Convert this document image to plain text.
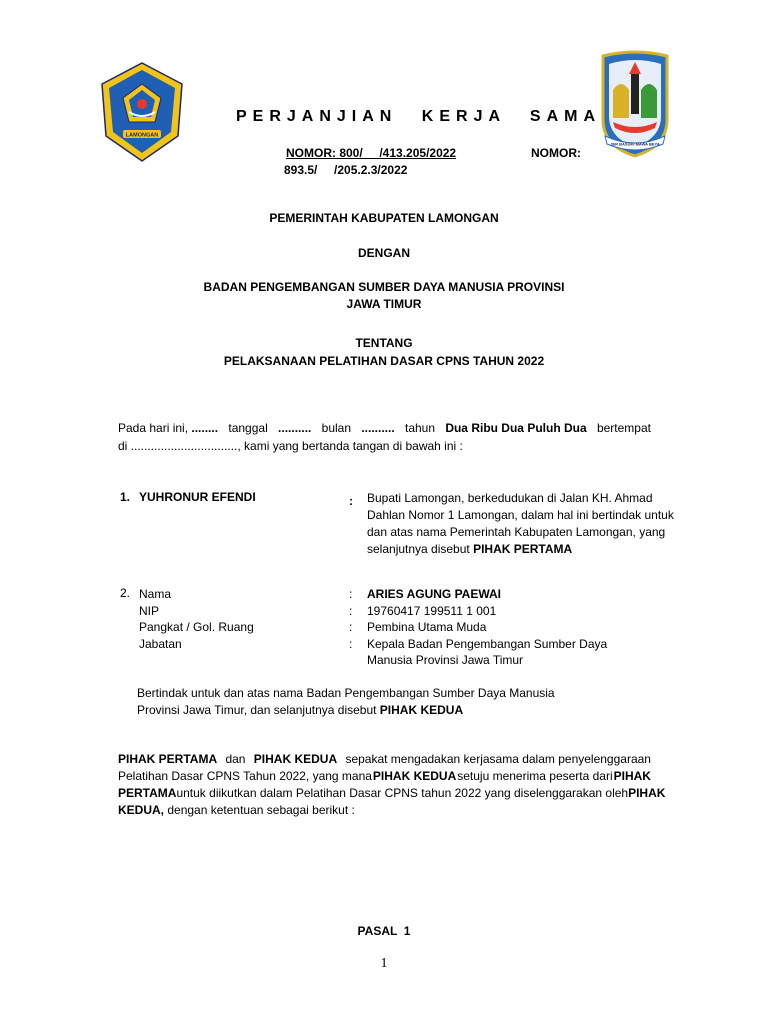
LAMONGAN
JER BASUKI MAWA BEYA
PERJANJIAN KERJA SAMA
NOMOR: 800/     /413.205/2022	NOMOR:
893.5/     /205.2.3/2022
PEMERINTAH KABUPATEN LAMONGAN
DENGAN
BADAN PENGEMBANGAN SUMBER DAYA MANUSIA PROVINSI
JAWA TIMUR
TENTANG
PELAKSANAAN PELATIHAN DASAR CPNS TAHUN 2022
Pada hari ini, ........ tanggal .......... bulan .......... tahun Dua Ribu Dua Puluh Dua bertempat
di ................................, kami yang bertanda tangan di bawah ini :
1. YUHRONUR EFENDI	: Bupati Lamongan, berkedudukan di Jalan KH. Ahmad
Dahlan Nomor 1 Lamongan, dalam hal ini bertindak untuk
dan atas nama Pemerintah Kabupaten Lamongan, yang
selanjutnya disebut PIHAK PERTAMA
2. Nama
NIP
Pangkat / Gol. Ruang
Jabatan
:
:
:
:
ARIES AGUNG PAEWAI
19760417 199511 1 001
Pembina Utama Muda
Kepala Badan Pengembangan Sumber Daya
Manusia Provinsi Jawa Timur
Bertindak untuk dan atas nama Badan Pengembangan Sumber Daya Manusia
Provinsi Jawa Timur, dan selanjutnya disebut PIHAK KEDUA
PIHAK PERTAMA dan PIHAK KEDUA sepakat mengadakan kerjasama dalam penyelenggaraan
Pelatihan Dasar CPNS Tahun 2022, yang mana PIHAK KEDUA setuju menerima peserta dari PIHAK
PERTAMA untuk diikutkan dalam Pelatihan Dasar CPNS tahun 2022 yang diselenggarakan oleh PIHAK
KEDUA, dengan ketentuan sebagai berikut :
PASAL  1
1
